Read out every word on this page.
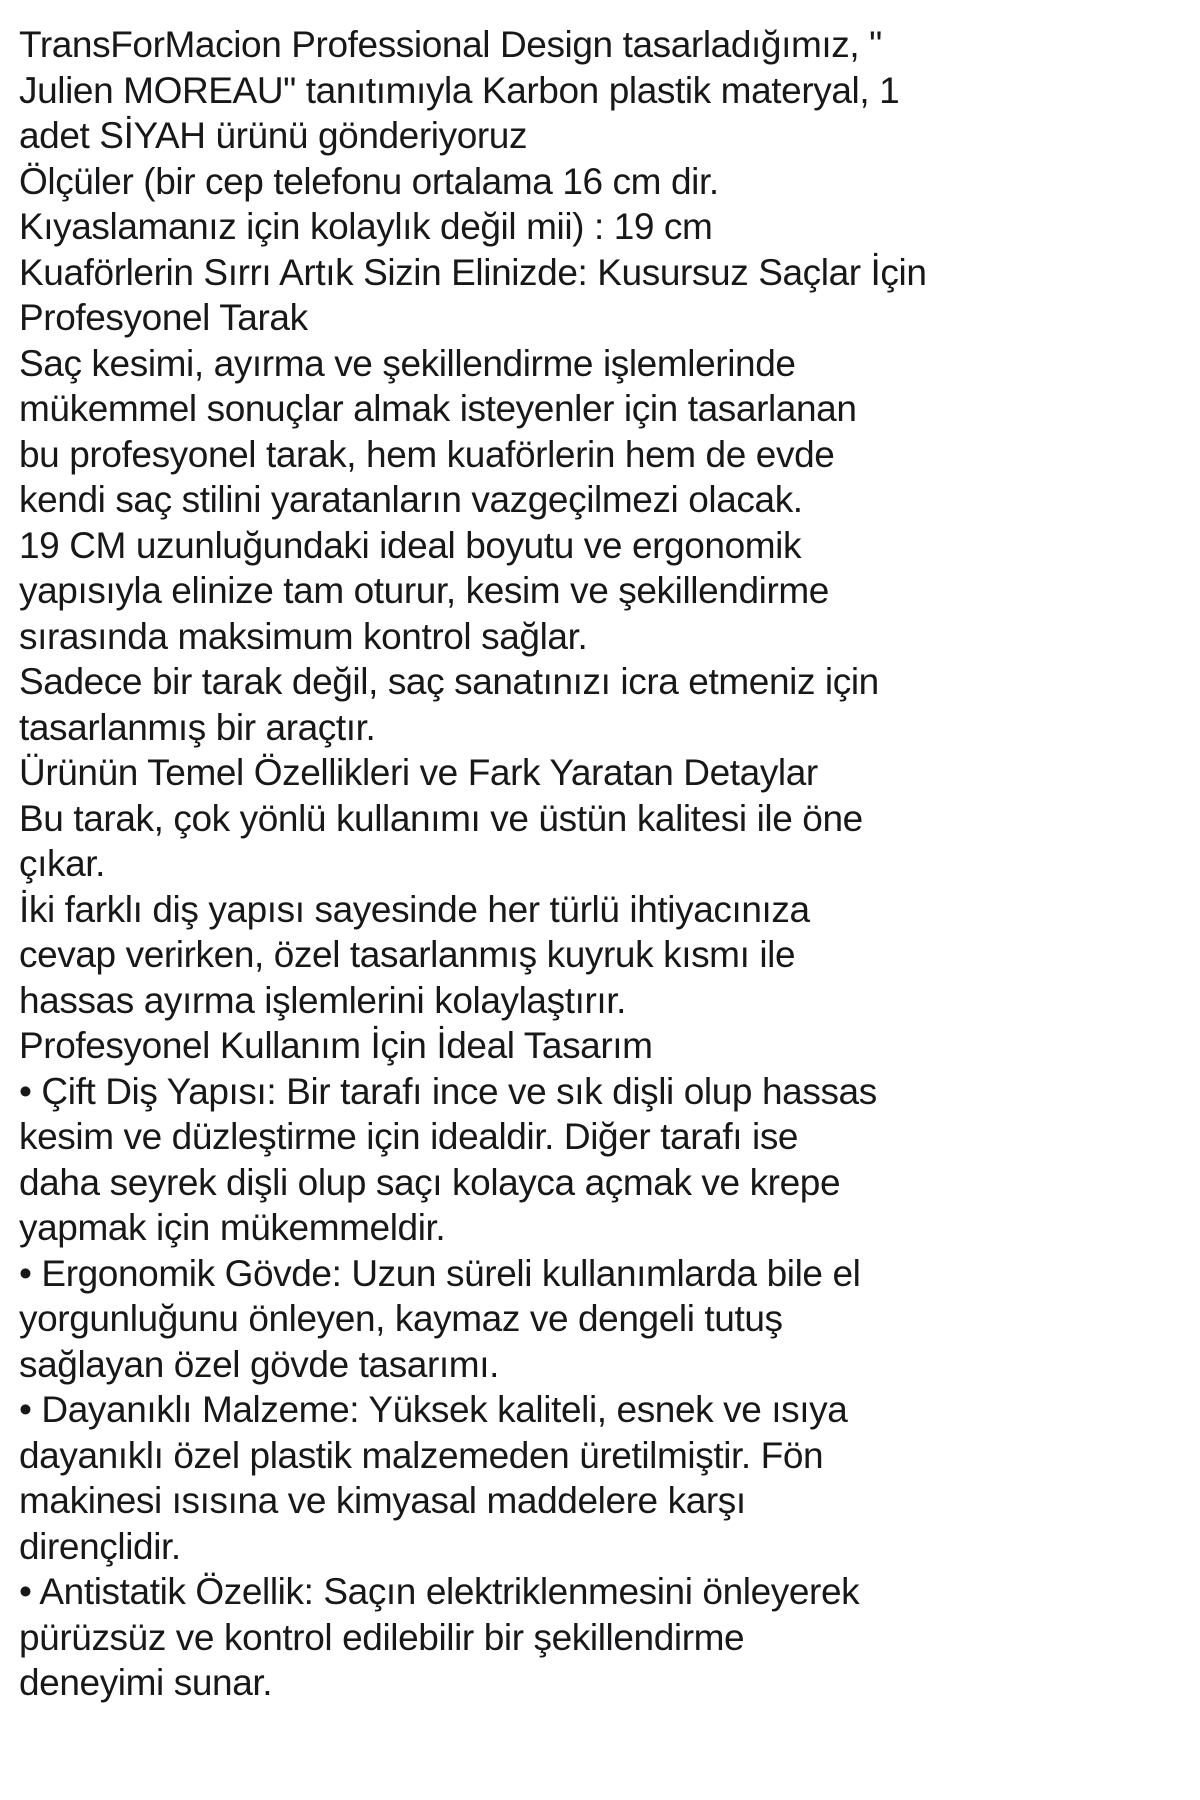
TransForMacion Professional Design tasarladığımız, "
Julien MOREAU" tanıtımıyla Karbon plastik materyal, 1
adet SİYAH ürünü gönderiyoruz
Ölçüler (bir cep telefonu ortalama 16 cm dir.
Kıyaslamanız için kolaylık değil mii) : 19 cm
Kuaförlerin Sırrı Artık Sizin Elinizde: Kusursuz Saçlar İçin
Profesyonel Tarak
Saç kesimi, ayırma ve şekillendirme işlemlerinde
mükemmel sonuçlar almak isteyenler için tasarlanan
bu profesyonel tarak, hem kuaförlerin hem de evde
kendi saç stilini yaratanların vazgeçilmezi olacak.
19 CM uzunluğundaki ideal boyutu ve ergonomik
yapısıyla elinize tam oturur, kesim ve şekillendirme
sırasında maksimum kontrol sağlar.
Sadece bir tarak değil, saç sanatınızı icra etmeniz için
tasarlanmış bir araçtır.
Ürünün Temel Özellikleri ve Fark Yaratan Detaylar
Bu tarak, çok yönlü kullanımı ve üstün kalitesi ile öne
çıkar.
İki farklı diş yapısı sayesinde her türlü ihtiyacınıza
cevap verirken, özel tasarlanmış kuyruk kısmı ile
hassas ayırma işlemlerini kolaylaştırır.
Profesyonel Kullanım İçin İdeal Tasarım
• Çift Diş Yapısı: Bir tarafı ince ve sık dişli olup hassas
kesim ve düzleştirme için idealdir. Diğer tarafı ise
daha seyrek dişli olup saçı kolayca açmak ve krepe
yapmak için mükemmeldir.
• Ergonomik Gövde: Uzun süreli kullanımlarda bile el
yorgunluğunu önleyen, kaymaz ve dengeli tutuş
sağlayan özel gövde tasarımı.
• Dayanıklı Malzeme: Yüksek kaliteli, esnek ve ısıya
dayanıklı özel plastik malzemeden üretilmiştir. Fön
makinesi ısısına ve kimyasal maddelere karşı
dirençlidir.
• Antistatik Özellik: Saçın elektriklenmesini önleyerek
pürüzsüz ve kontrol edilebilir bir şekillendirme
deneyimi sunar.
